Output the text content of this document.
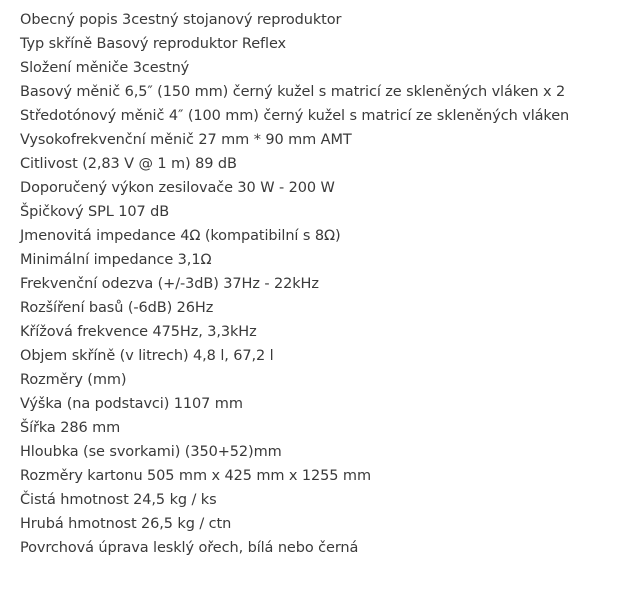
Obecný popis 3cestný stojanový reproduktor
Typ skříně Basový reproduktor Reflex
Složení měniče 3cestný
Basový měnič 6,5″ (150 mm) černý kužel s matricí ze skleněných vláken x 2
Středotónový měnič 4″ (100 mm) černý kužel s matricí ze skleněných vláken
Vysokofrekvenční měnič 27 mm * 90 mm AMT
Citlivost (2,83 V @ 1 m) 89 dB
Doporučený výkon zesilovače 30 W - 200 W
Špičkový SPL 107 dB
Jmenovitá impedance 4Ω (kompatibilní s 8Ω)
Minimální impedance 3,1Ω
Frekvenční odezva (+/-3dB) 37Hz - 22kHz
Rozšíření basů (-6dB) 26Hz
Křížová frekvence 475Hz, 3,3kHz
Objem skříně (v litrech) 4,8 l, 67,2 l
Rozměry (mm)
Výška (na podstavci) 1107 mm
Šířka 286 mm
Hloubka (se svorkami) (350+52)mm
Rozměry kartonu 505 mm x 425 mm x 1255 mm
Čistá hmotnost 24,5 kg / ks
Hrubá hmotnost 26,5 kg / ctn
Povrchová úprava lesklý ořech, bílá nebo černá
